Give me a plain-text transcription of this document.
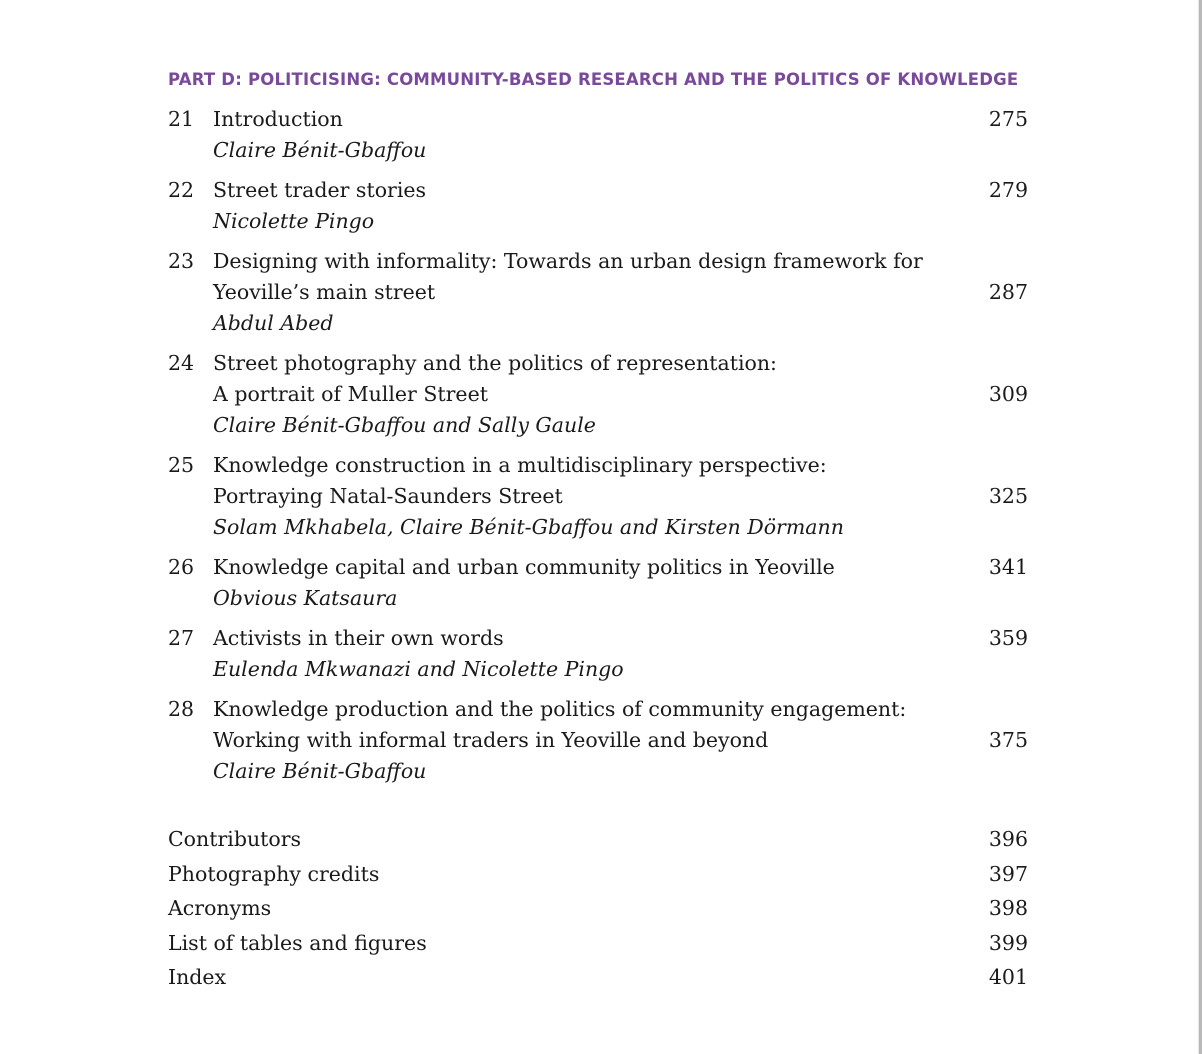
PART D: POLITICISING: COMMUNITY-BASED RESEARCH AND THE POLITICS OF KNOWLEDGE
21 Introduction	275
Claire Bénit-Gbaffou
22 Street trader stories	279
Nicolette Pingo
23 Designing with informality: Towards an urban design framework for
Yeoville’s main street	287
Abdul Abed
24 Street photography and the politics of representation:
A portrait of Muller Street	309
Claire Bénit-Gbaffou and Sally Gaule
25 Knowledge construction in a multidisciplinary perspective:
Portraying Natal-Saunders Street	325
Solam Mkhabela, Claire Bénit-Gbaffou and Kirsten Dörmann
26 Knowledge capital and urban community politics in Yeoville	341
Obvious Katsaura
27 Activists in their own words	359
Eulenda Mkwanazi and Nicolette Pingo
28 Knowledge production and the politics of community engagement:
Working with informal traders in Yeoville and beyond	375
Claire Bénit-Gbaffou
Contributors	396
Photography credits	397
Acronyms	398
List of tables and figures	399
Index	401
